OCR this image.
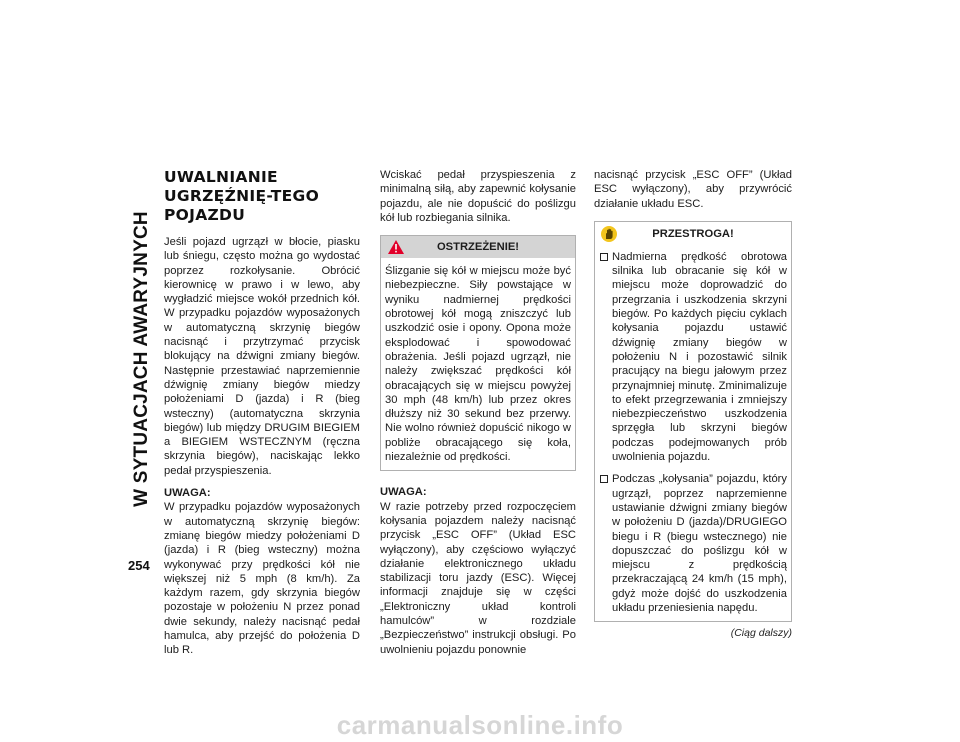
W SYTUACJACH AWARYJNYCH
254
UWALNIANIE UGRZĘŹNIĘ-TEGO POJAZDU

Jeśli pojazd ugrzązł w błocie, piasku lub śniegu, często można go wydostać poprzez rozkołysanie. Obrócić kierownicę w prawo i w lewo, aby wygładzić miejsce wokół przednich kół. W przypadku pojazdów wyposażonych w automatyczną skrzynię biegów nacisnąć i przytrzymać przycisk blokujący na dźwigni zmiany biegów. Następnie przestawiać naprzemiennie dźwignię zmiany biegów miedzy położeniami D (jazda) i R (bieg wsteczny) (automatyczna skrzynia biegów) lub między DRUGIM BIEGIEM a BIEGIEM WSTECZNYM (ręczna skrzynia biegów), naciskając lekko pedał przyspieszenia.

UWAGA:

W przypadku pojazdów wyposażonych w automatyczną skrzynię biegów: zmianę biegów miedzy położeniami D (jazda) i R (bieg wsteczny) można wykonywać przy prędkości kół nie większej niż 5 mph (8 km/h). Za każdym razem, gdy skrzynia biegów pozostaje w położeniu N przez ponad dwie sekundy, należy nacisnąć pedał hamulca, aby przejść do położenia D lub R.

Wciskać pedał przyspieszenia z minimalną siłą, aby zapewnić kołysanie pojazdu, ale nie dopuścić do poślizgu kół lub rozbiegania silnika.

OSTRZEŻENIE!

Ślizganie się kół w miejscu może być niebezpieczne. Siły powstające w wyniku nadmiernej prędkości obrotowej kół mogą zniszczyć lub uszkodzić osie i opony. Opona może eksplodować i spowodować obrażenia. Jeśli pojazd ugrzązł, nie należy zwiększać prędkości kół obracających się w miejscu powyżej 30 mph (48 km/h) lub przez okres dłuższy niż 30 sekund bez przerwy. Nie wolno również dopuścić nikogo w pobliże obracającego się koła, niezależnie od prędkości.

UWAGA:

W razie potrzeby przed rozpoczęciem kołysania pojazdem należy nacisnąć przycisk „ESC OFF” (Układ ESC wyłączony), aby częściowo wyłączyć działanie elektronicznego układu stabilizacji toru jazdy (ESC). Więcej informacji znajduje się w części „Elektroniczny układ kontroli hamulców” w rozdziale „Bezpieczeństwo” instrukcji obsługi. Po uwolnieniu pojazdu ponownie

nacisnąć przycisk „ESC OFF” (Układ ESC wyłączony), aby przywrócić działanie układu ESC.

PRZESTROGA!
Nadmierna prędkość obrotowa silnika lub obracanie się kół w miejscu może doprowadzić do przegrzania i uszkodzenia skrzyni biegów. Po każdych pięciu cyklach kołysania pojazdu ustawić dźwignię zmiany biegów w położeniu N i pozostawić silnik pracujący na biegu jałowym przez przynajmniej minutę. Zminimalizuje to efekt przegrzewania i zmniejszy niebezpieczeństwo uszkodzenia sprzęgła lub skrzyni biegów podczas podejmowanych prób uwolnienia pojazdu.
Podczas „kołysania” pojazdu, który ugrzązł, poprzez naprzemienne ustawianie dźwigni zmiany biegów w położeniu D (jazda)/DRUGIEGO biegu i R (biegu wstecznego) nie dopuszczać do poślizgu kół w miejscu z prędkością przekraczającą 24 km/h (15 mph), gdyż może dojść do uszkodzenia układu przeniesienia napędu.
(Ciąg dalszy)
carmanualsonline.info
